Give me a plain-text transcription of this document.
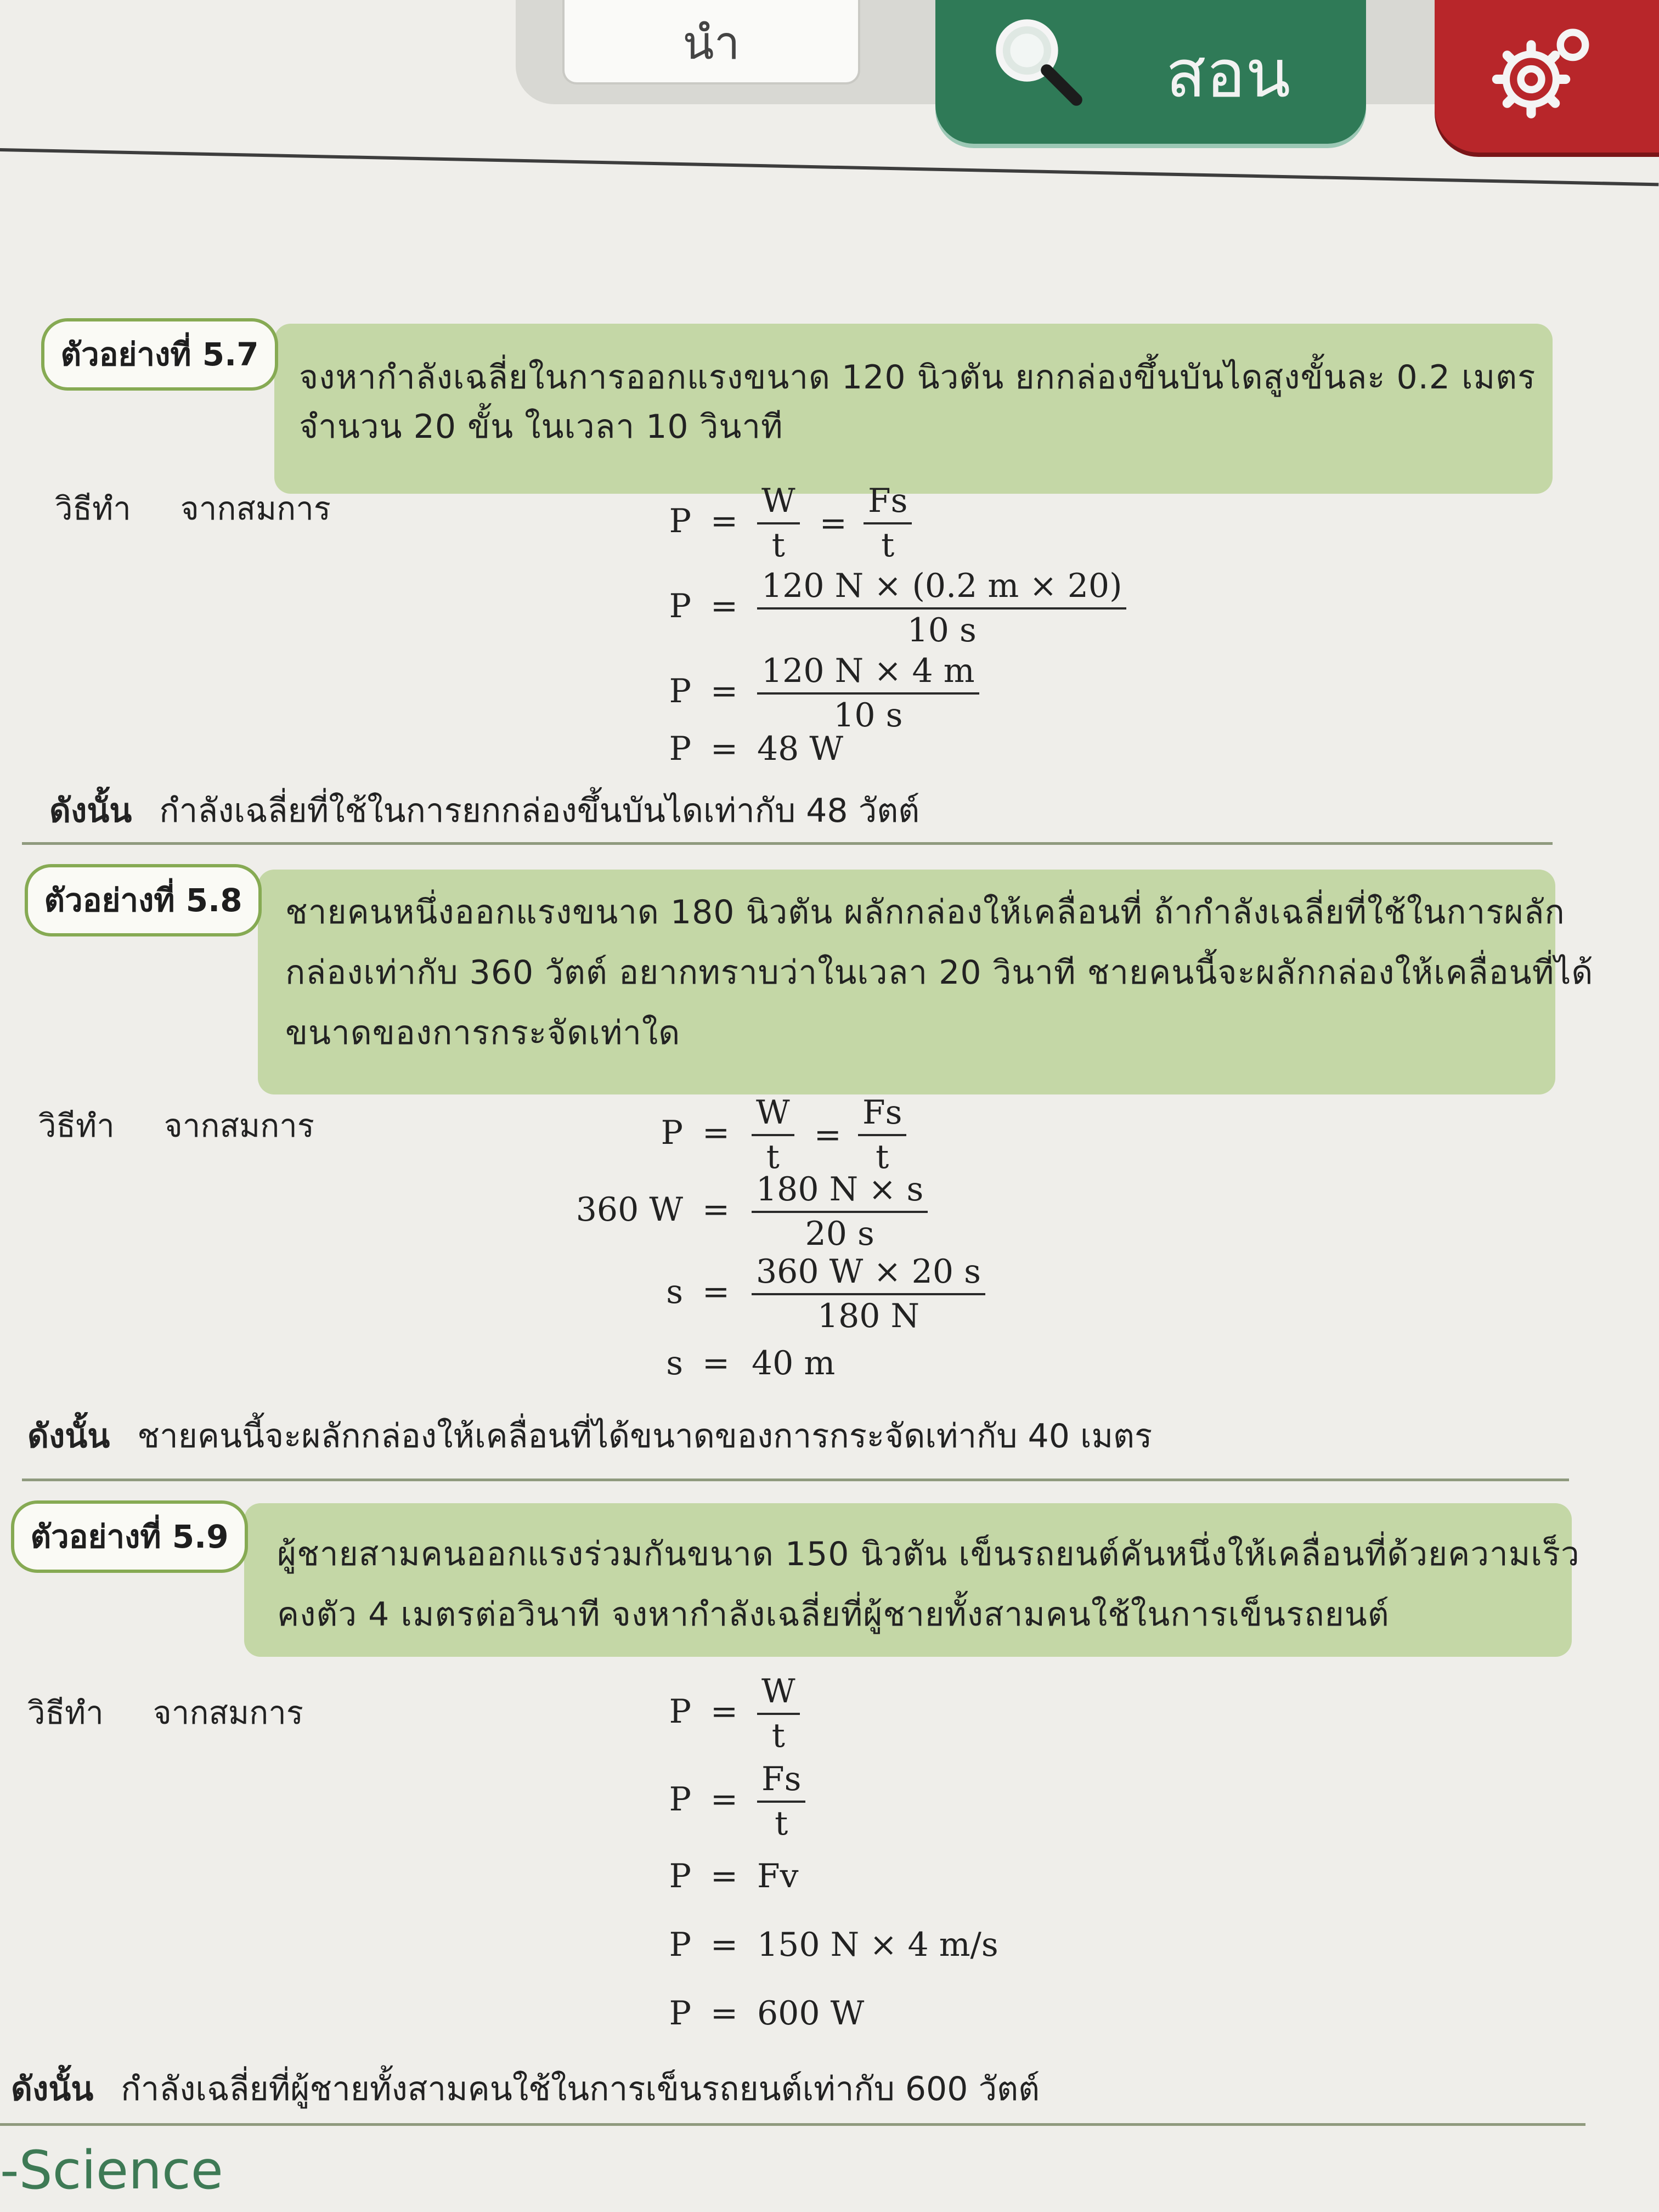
นำ	สอน
ตัวอย่างที่ 5.7
จงหากำลังเฉลี่ยในการออกแรงขนาด 120 นิวตัน ยกกล่องขึ้นบันไดสูงขั้นละ 0.2 เมตร
จำนวน 20 ขั้น ในเวลา 10 วินาที
วิธีทำ จากสมการ	$P = \frac{W}{t} = \frac{Fs}{t}$
$P = \frac{120 N \times (0.2 m \times 20)}{10 s}$
$P = \frac{120 N \times 4 m}{10 s}$
P = 48 W
ดังนั้น กำลังเฉลี่ยที่ใช้ในการยกกล่องขึ้นบันไดเท่ากับ 48 วัตต์
ตัวอย่างที่ 5.8	ชายคนหนึ่งออกแรงขนาด 180 นิวตัน ผลักกล่องให้เคลื่อนที่ ถ้ากำลังเฉลี่ยที่ใช้ในการผลัก
กล่องเท่ากับ 360 วัตต์ อยากทราบว่าในเวลา 20 วินาที ชายคนนี้จะผลักกล่องให้เคลื่อนที่ได้
ขนาดของการกระจัดเท่าใด
วิธีทำ จากสมการ	$P = \frac{W}{t} = \frac{Fs}{t}$
360 $W = \frac{180 N \times s}{20 s}$
$s = \frac{360 W \times 20 s}{180 N}$
s = 40 m
ดังนั้น ชายคนนี้จะผลักกล่องให้เคลื่อนที่ได้ขนาดของการกระจัดเท่ากับ 40 เมตร
ตัวอย่างที่ 5.9	ผู้ชายสามคนออกแรงร่วมกันขนาด 150 นิวตัน เข็นรถยนต์คันหนึ่งให้เคลื่อนที่ด้วยความเร็ว
คงตัว 4 เมตรต่อวินาที จงหากำลังเฉลี่ยที่ผู้ชายทั้งสามคนใช้ในการเข็นรถยนต์
วิธีทำ จากสมการ	$P = \frac{W}{t}$
$P = \frac{Fs}{t}$
P = Fv
P = 150 N × 4 m/s
P = 600 W
ดังนั้น กำลังเฉลี่ยที่ผู้ชายทั้งสามคนใช้ในการเข็นรถยนต์เท่ากับ 600 วัตต์
-Science
